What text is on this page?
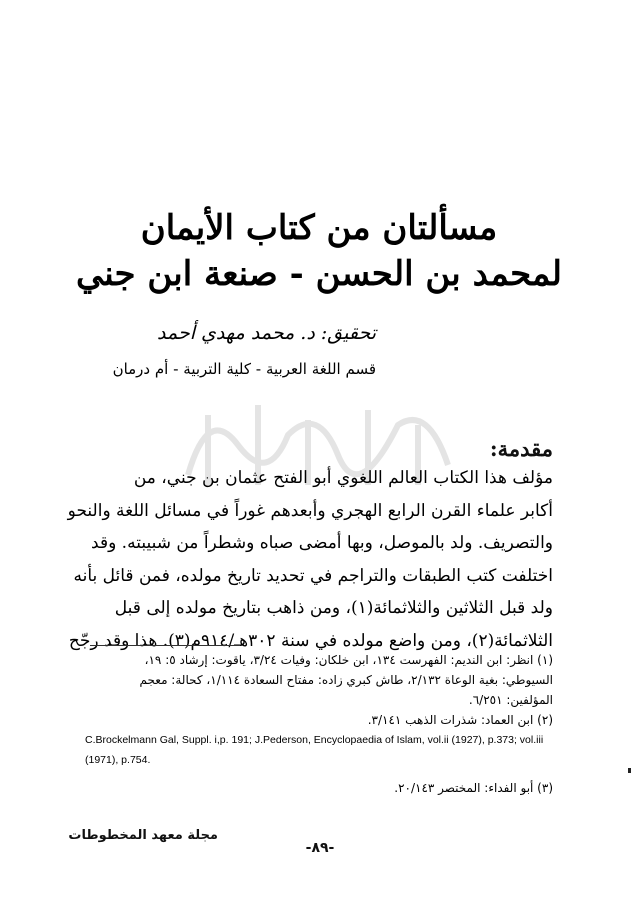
مسألتان من كتاب الأيمان
لمحمد بن الحسن - صنعة ابن جني
تحقيق: د. محمد مهدي أحمد
قسم اللغة العربية - كلية التربية - أم درمان
مقدمة:
مؤلف هذا الكتاب العالم اللغوي أبو الفتح عثمان بن جني، من
أكابر علماء القرن الرابع الهجري وأبعدهم غوراً في مسائل اللغة والنحو
والتصريف. ولد بالموصل، وبها أمضى صباه وشطراً من شبيبته. وقد
اختلفت كتب الطبقات والتراجم في تحديد تاريخ مولده، فمن قائل بأنه
ولد قبل الثلاثين والثلاثمائة(١)، ومن ذاهب بتاريخ مولده إلى قبل
الثلاثمائة(٢)، ومن واضع مولده في سنة ٣٠٢هـ/٩١٤م(٣). هذا وقد رجّح
(١) انظر: ابن النديم: الفهرست ١٣٤، ابن خلكان: وفيات ٣/٢٤، ياقوت: إرشاد ٥: ١٩،
السيوطي: بغية الوعاة ٢/١٣٢، طاش كبري زاده: مفتاح السعادة ١/١١٤، كحالة: معجم
المؤلفين: ٦/٢٥١.
(٢) ابن العماد: شذرات الذهب ٣/١٤١.
C.Brockelmann Gal, Suppl. i,p. 191; J.Pederson, Encyclopaedia of Islam, vol.ii (1927), p.373; vol.iii
(1971), p.754.
(٣) أبو الفداء: المختصر ٢٠/١٤٣.
مجلة معهد المخطوطات
-٨٩-
